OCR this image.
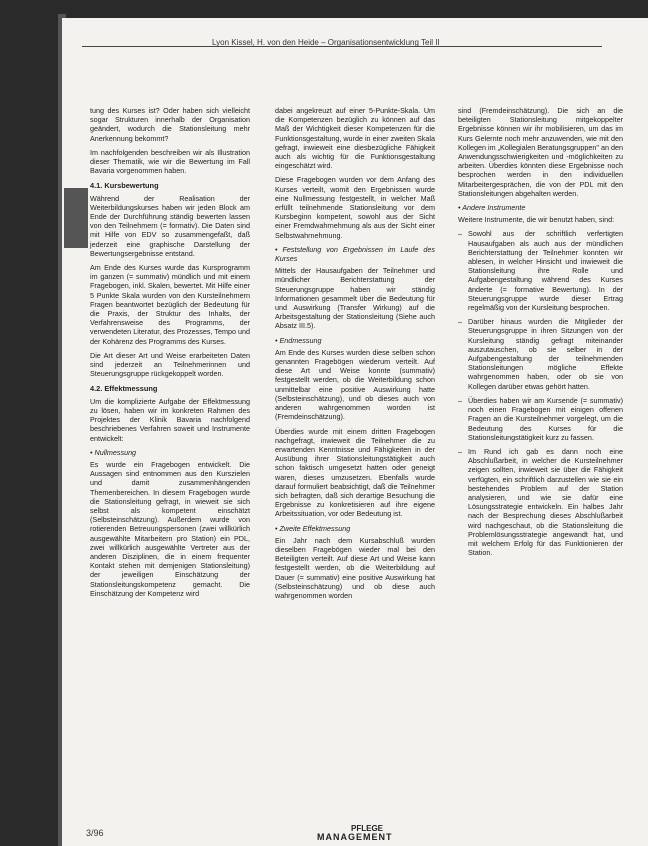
Lyon Kissel, H. von den Heide – Organisationsentwicklung Teil II

tung des Kurses ist? Oder haben sich vielleicht sogar Strukturen innerhalb der Organisation geändert, wodurch die Stationsleitung mehr Anerkennung bekommt?

Im nachfolgenden beschreiben wir als Illustration dieser Thematik, wie wir die Bewertung im Fall Bavaria vorgenommen haben.

4.1. Kursbewertung

Während der Realisation der Weiterbildungskurses haben wir jeden Block am Ende der Durchführung ständig bewerten lassen von den Teilnehmern (= formativ). Die Daten sind mit Hilfe von EDV so zusammengefaßt, daß jederzeit eine graphische Darstellung der Bewertungsergebnisse entstand.

Am Ende des Kurses wurde das Kursprogramm im ganzen (= summativ) mündlich und mit einem Fragebogen, inkl. Skalen, bewertet. Mit Hilfe einer 5 Punkte Skala wurden von den Kursteilnehmern Fragen beantwortet bezüglich der Bedeutung für die Praxis, der Struktur des Inhalts, der Verfahrensweise des Programms, der verwendeten Literatur, des Prozesses, Tempo und der Kohärenz des Programms des Kurses.

Die Art dieser Art und Weise erarbeiteten Daten sind jederzeit an Teilnehmerinnen und Steuerungsgruppe rückgekoppelt worden.

4.2. Effektmessung

Um die komplizierte Aufgabe der Effektmessung zu lösen, haben wir im konkreten Rahmen des Projektes der Klinik Bavaria nachfolgend beschriebenes Verfahren soweit und Instrumente entwickelt:

• Nullmessung

Es wurde ein Fragebogen entwickelt. Die Aussagen sind entnommen aus den Kurszielen und damit zusammenhängenden Themenbereichen. In diesem Fragebogen wurde die Stationsleitung gefragt, in wieweit sie sich selbst als kompetent einschätzt (Selbsteinschätzung). Außerdem wurde von rotierenden Betreuungspersonen (zwei willkürlich ausgewählte Mitarbeitern pro Station) ein PDL, zwei willkürlich ausgewählte Vertreter aus der anderen Disziplinen, die in einem frequenter Kontakt stehen mit demjenigen Stationsleitung) der jeweiligen Einschätzung der Stationsleitungskompetenz gemacht. Die Einschätzung der Kompetenz wird

dabei angekreuzt auf einer 5-Punkte-Skala. Um die Kompetenzen bezüglich zu können auf das Maß der Wichtigkeit dieser Kompetenzen für die Funktionsgestaltung, wurde in einer zweiten Skala gefragt, inwieweit eine diesbezügliche Fähigkeit auch als wichtig für die Funktionsgestaltung eingeschätzt wird.

Diese Fragebogen wurden vor dem Anfang des Kurses verteilt, womit den Ergebnissen wurde eine Nullmessung festgestellt, in welcher Maß erfüllt teilnehmende Stationsleitung vor dem Kursbeginn kompetent, sowohl aus der Sicht einer Fremdwahrnehmung als aus der Sicht einer Selbstwahrnehmung.

• Feststellung von Ergebnissen im Laufe des Kurses

Mittels der Hausaufgaben der Teilnehmer und mündlicher Berichterstattung der Steuerungsgruppe haben wir ständig Informationen gesammelt über die Bedeutung für und Auswirkung (Transfer Wirkung) auf die Arbeitsgestaltung der Stationsleitung (Siehe auch Absatz III.5).

• Endmessung

Am Ende des Kurses wurden diese selben schon genannten Fragebögen wiederum verteilt. Auf diese Art und Weise konnte (summativ) festgestellt werden, ob die Weiterbildung schon unmittelbar eine positive Auswirkung hatte (Selbsteinschätzung), und ob dieses auch von anderen wahrgenommen worden ist (Fremdeinschätzung).

Überdies wurde mit einem dritten Fragebogen nachgefragt, inwieweit die Teilnehmer die zu erwartenden Kenntnisse und Fähigkeiten in der Ausübung ihrer Stationsleitungstätigkeit auch schon faktisch umgesetzt hatten oder geneigt waren, dieses umzusetzen. Ebenfalls wurde darauf formuliert beabsichtigt, daß die Teilnehmer sich befragten, daß sich derartige Besuchung die Ergebnisse zu konkretisieren auf ihre eigene Arbeitssituation, vor oder Bedeutung ist.

• Zweite Effektmessung

Ein Jahr nach dem Kursabschluß wurden dieselben Fragebögen wieder mal bei den Beteiligten verteilt. Auf diese Art und Weise kann festgestellt werden, ob die Weiterbildung auf Dauer (= summativ) eine positive Auswirkung hat (Selbsteinschätzung) und ob diese auch wahrgenommen worden

sind (Fremdeinschätzung). Die sich an die beteiligten Stationsleitung mitgekoppelter Ergebnisse können wir ihr mobilisieren, um das im Kurs Gelernte noch mehr anzuwenden, wie mit den Kollegen im „Kollegialen Beratungsgruppen" an den Anwendungsschwierigkeiten und -möglichkeiten zu arbeiten. Überdies könnten diese Ergebnisse noch besprochen werden in den individuellen Mitarbeitergesprächen, die von der PDL mit den Stationsleitungen abgehalten werden.

• Andere Instrumente

Weitere Instrumente, die wir benutzt haben, sind:

– Sowohl aus der schriftlich verfertigten Hausaufgaben als auch aus der mündlichen Berichterstattung der Teilnehmer konnten wir ablesen, in welcher Hinsicht und inwieweit die Stationsleitung ihre Rolle und Aufgabengestaltung während des Kurses änderte (= formative Bewertung). In der Steuerungsgruppe wurde dieser Ertrag regelmäßig von der Kursleitung besprochen.

– Darüber hinaus wurden die Mitglieder der Steuerungsgruppe in ihren Sitzungen von der Kursleitung ständig gefragt miteinander auszutauschen, ob sie selber in der Aufgabengestaltung der teilnehmenden Stationsleitungen mögliche Effekte wahrgenommen haben, oder ob sie von Kollegen darüber etwas gehört hatten.

– Überdies haben wir am Kursende (= summativ) noch einen Fragebogen mit einigen offenen Fragen an die Kursteilnehmer vorgelegt, um die Bedeutung des Kurses für die Stationsleitungstätigkeit kurz zu fassen.

– Im Rund ich gab es dann noch eine Abschlußarbeit, in welcher die Kursteilnehmer zeigen sollten, inwieweit sie über die Fähigkeit verfügten, ein schriftlich darzustellen wie sie ein bestehendes Problem auf der Station analysieren, und wie sie dafür eine Lösungsstrategie entwickeln. Ein halbes Jahr nach der Besprechung dieses Abschlußarbeit wird nachgeschaut, ob die Stationsleitung die Problemlösungsstrategie angewandt hat, und mit welchem Erfolg für das Funktionieren der Station.

3/96	PFLEGE
MANAGEMENT
